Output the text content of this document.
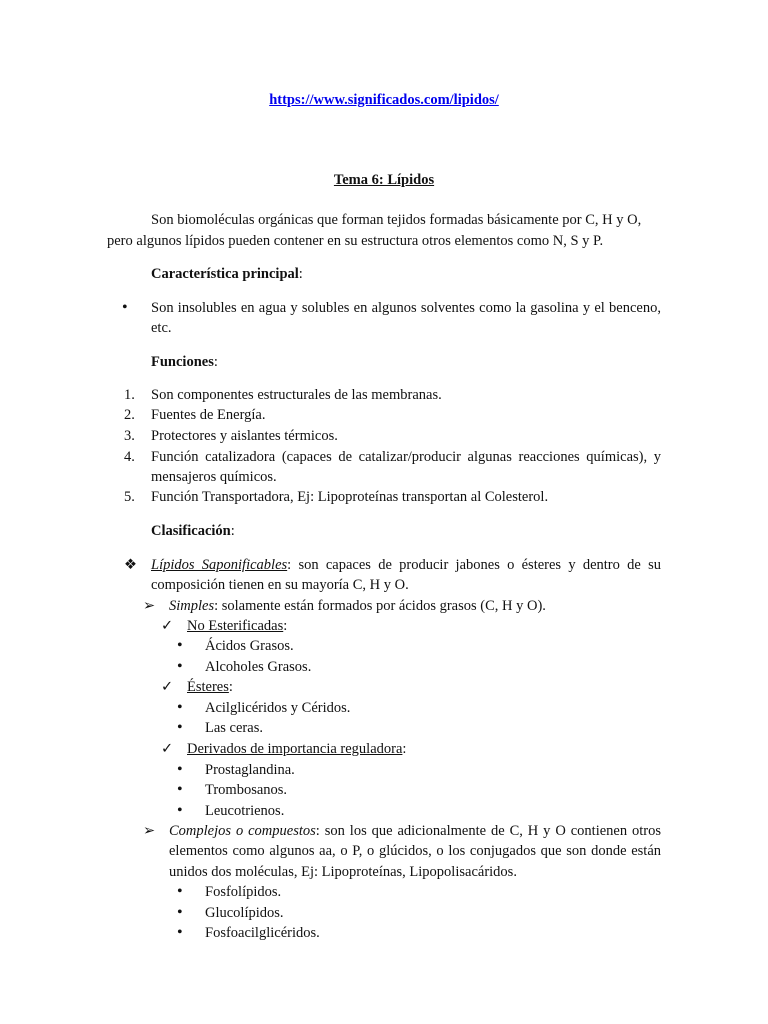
https://www.significados.com/lipidos/
Tema 6: Lípidos
Son biomoléculas orgánicas que forman tejidos formadas básicamente por C, H y O,
pero algunos lípidos pueden contener en su estructura otros elementos como N, S y P.
Característica principal:
• Son insolubles en agua y solubles en algunos solventes como la gasolina y el benceno, etc.
Funciones:
1. Son componentes estructurales de las membranas.
2. Fuentes de Energía.
3. Protectores y aislantes térmicos.
4. Función catalizadora (capaces de catalizar/producir algunas reacciones químicas), y mensajeros químicos.
5. Función Transportadora, Ej: Lipoproteínas transportan al Colesterol.
Clasificación:
❖ Lípidos Saponificables: son capaces de producir jabones o ésteres y dentro de su composición tienen en su mayoría C, H y O.
➢ Simples: solamente están formados por ácidos grasos (C, H y O).
✓ No Esterificadas:
• Ácidos Grasos.
• Alcoholes Grasos.
✓ Ésteres:
• Acilglicéridos y Céridos.
• Las ceras.
✓ Derivados de importancia reguladora:
• Prostaglandina.
• Trombosanos.
• Leucotrienos.
➢ Complejos o compuestos: son los que adicionalmente de C, H y O contienen otros elementos como algunos aa, o P, o glúcidos, o los conjugados que son donde están unidos dos moléculas, Ej: Lipoproteínas, Lipopolisacáridos.
• Fosfolípidos.
• Glucolípidos.
• Fosfoacilglicéridos.
